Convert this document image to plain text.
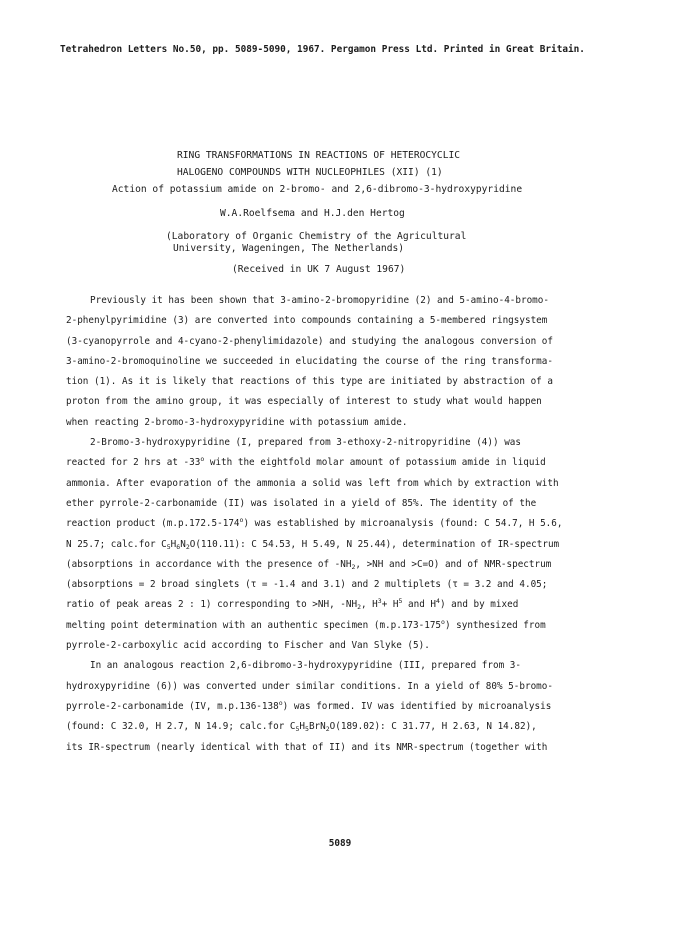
Tetrahedron Letters No.50, pp. 5089-5090, 1967. Pergamon Press Ltd. Printed in Great Britain.
RING TRANSFORMATIONS IN REACTIONS OF HETEROCYCLIC
HALOGENO COMPOUNDS WITH NUCLEOPHILES (XII) (1)
Action of potassium amide on 2-bromo- and 2,6-dibromo-3-hydroxypyridine
W.A.Roelfsema and H.J.den Hertog
(Laboratory of Organic Chemistry of the Agricultural
University, Wageningen, The Netherlands)
(Received in UK 7 August 1967)
Previously it has been shown that 3-amino-2-bromopyridine (2) and 5-amino-4-bromo-
2-phenylpyrimidine (3) are converted into compounds containing a 5-membered ringsystem
(3-cyanopyrrole and 4-cyano-2-phenylimidazole) and studying the analogous conversion of
3-amino-2-bromoquinoline we succeeded in elucidating the course of the ring transforma-
tion (1). As it is likely that reactions of this type are initiated by abstraction of a
proton from the amino group, it was especially of interest to study what would happen
when reacting 2-bromo-3-hydroxypyridine with potassium amide.
2-Bromo-3-hydroxypyridine (I, prepared from 3-ethoxy-2-nitropyridine (4)) was
reacted for 2 hrs at -33$^o$ with the eightfold molar amount of potassium amide in liquid
ammonia. After evaporation of the ammonia a solid was left from which by extraction with
ether pyrrole-2-carbonamide (II) was isolated in a yield of 85%. The identity of the
reaction product (m.p.172.5-174$^o$) was established by microanalysis (found: C 54.7, H 5.6,
N 25.7; calc.for $C_5H_6N_2O(110.11)$: C 54.53, H 5.49, N 25.44), determination of IR-spectrum
(absorptions in accordance with the presence of $-NH_2$, >NH and >C=O) and of NMR-spectrum
(absorptions = 2 broad singlets (τ = -1.4 and 3.1) and 2 multiplets (τ = 3.2 and 4.05;
ratio of peak areas 2 : 1) corresponding to >NH, $-NH_2$, $H^3+ H^5$ and $H^4$) and by mixed
melting point determination with an authentic specimen (m.p.173-175$^o$) synthesized from
pyrrole-2-carboxylic acid according to Fischer and Van Slyke (5).
In an analogous reaction 2,6-dibromo-3-hydroxypyridine (III, prepared from 3-
hydroxypyridine (6)) was converted under similar conditions. In a yield of 80% 5-bromo-
pyrrole-2-carbonamide (IV, m.p.136-138$^o$) was formed. IV was identified by microanalysis
(found: C 32.0, H 2.7, N 14.9; calc.for $C_5H_5BrN_2O(189.02)$: C 31.77, H 2.63, N 14.82),
its IR-spectrum (nearly identical with that of II) and its NMR-spectrum (together with
5089
